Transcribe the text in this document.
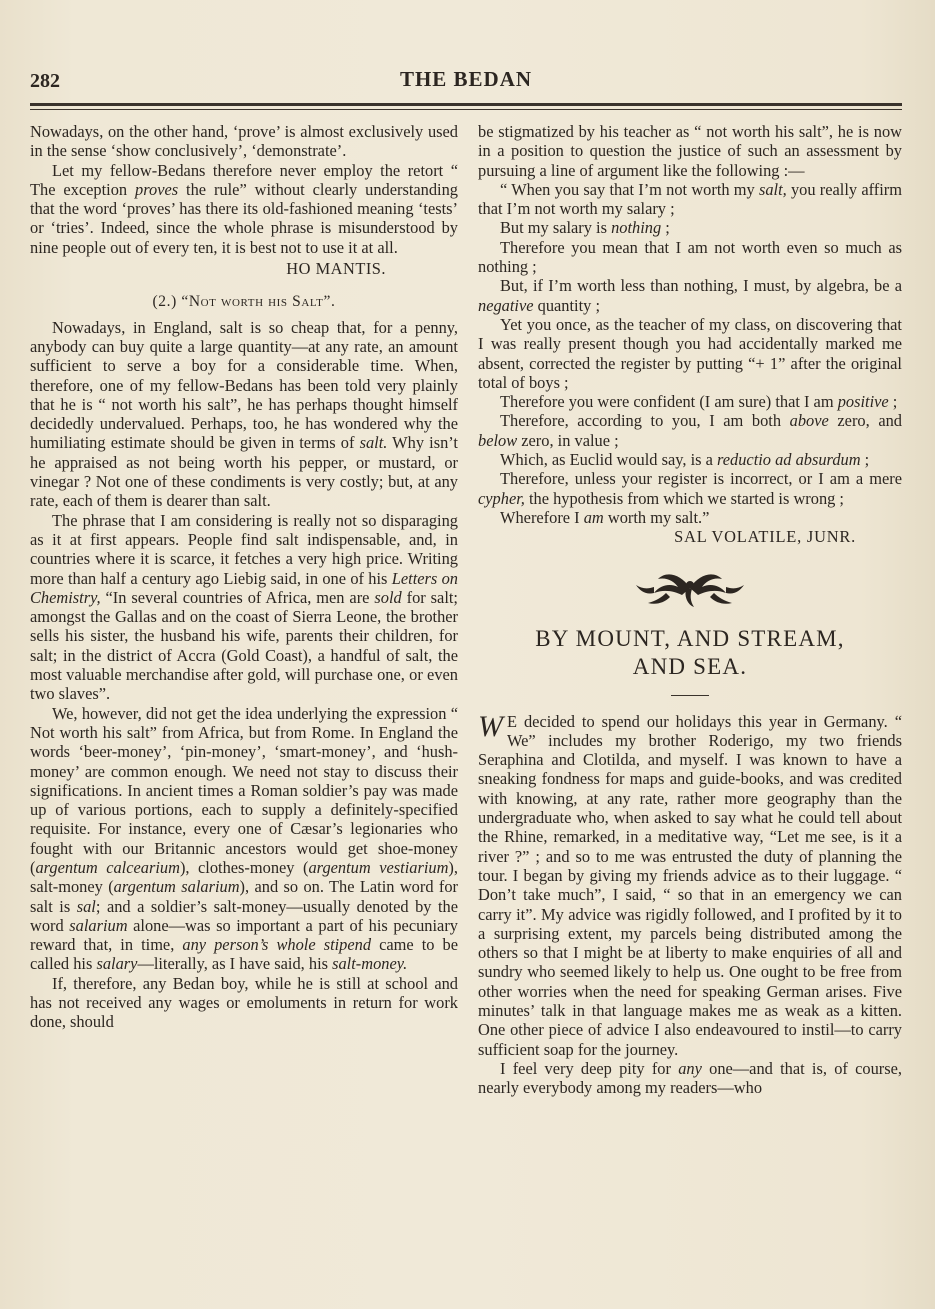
282	THE BEDAN

Nowadays, on the other hand, ‘prove’ is almost exclusively used in the sense ‘show conclusively’, ‘demonstrate’.

Let my fellow-Bedans therefore never employ the retort “ The exception proves the rule” without clearly understanding that the word ‘proves’ has there its old-fashioned meaning ‘tests’ or ‘tries’. Indeed, since the whole phrase is misunderstood by nine people out of every ten, it is best not to use it at all.

HO MANTIS.

(2.) “Not worth his Salt”.

Nowadays, in England, salt is so cheap that, for a penny, anybody can buy quite a large quantity—at any rate, an amount sufficient to serve a boy for a considerable time. When, therefore, one of my fellow-Bedans has been told very plainly that he is “ not worth his salt”, he has perhaps thought himself decidedly undervalued. Perhaps, too, he has wondered why the humiliating estimate should be given in terms of salt. Why isn’t he appraised as not being worth his pepper, or mustard, or vinegar ? Not one of these condiments is very costly; but, at any rate, each of them is dearer than salt.

The phrase that I am considering is really not so disparaging as it at first appears. People find salt indispensable, and, in countries where it is scarce, it fetches a very high price. Writing more than half a century ago Liebig said, in one of his Letters on Chemistry, “In several countries of Africa, men are sold for salt; amongst the Gallas and on the coast of Sierra Leone, the brother sells his sister, the husband his wife, parents their children, for salt; in the district of Accra (Gold Coast), a handful of salt, the most valuable merchandise after gold, will purchase one, or even two slaves”.

We, however, did not get the idea underlying the expression “ Not worth his salt” from Africa, but from Rome. In England the words ‘beer-money’, ‘pin-money’, ‘smart-money’, and ‘hush-money’ are common enough. We need not stay to discuss their significations. In ancient times a Roman soldier’s pay was made up of various portions, each to supply a definitely-specified requisite. For instance, every one of Cæsar’s legionaries who fought with our Britannic ancestors would get shoe-money (argentum calcearium), clothes-money (argentum vestiarium), salt-money (argentum salarium), and so on. The Latin word for salt is sal; and a soldier’s salt-money—usually denoted by the word salarium alone—was so important a part of his pecuniary reward that, in time, any person’s whole stipend came to be called his salary—literally, as I have said, his salt-money.

If, therefore, any Bedan boy, while he is still at school and has not received any wages or emoluments in return for work done, should

be stigmatized by his teacher as “ not worth his salt”, he is now in a position to question the justice of such an assessment by pursuing a line of argument like the following :—

“ When you say that I’m not worth my salt, you really affirm that I’m not worth my salary ;

But my salary is nothing ;

Therefore you mean that I am not worth even so much as nothing ;

But, if I’m worth less than nothing, I must, by algebra, be a negative quantity ;

Yet you once, as the teacher of my class, on discovering that I was really present though you had accidentally marked me absent, corrected the register by putting “+ 1” after the original total of boys ;

Therefore you were confident (I am sure) that I am positive ;

Therefore, according to you, I am both above zero, and below zero, in value ;

Which, as Euclid would say, is a reductio ad absurdum ;

Therefore, unless your register is incorrect, or I am a mere cypher, the hypothesis from which we started is wrong ;

Wherefore I am worth my salt.”

SAL VOLATILE, JUNR.

BY MOUNT, AND STREAM,
AND SEA.

W E decided to spend our holidays this year in Germany. “ We” includes my brother Roderigo, my two friends Seraphina and Clotilda, and myself. I was known to have a sneaking fondness for maps and guide-books, and was credited with knowing, at any rate, rather more geography than the undergraduate who, when asked to say what he could tell about the Rhine, remarked, in a meditative way, “Let me see, is it a river ?” ; and so to me was entrusted the duty of planning the tour. I began by giving my friends advice as to their luggage. “ Don’t take much”, I said, “ so that in an emergency we can carry it”. My advice was rigidly followed, and I profited by it to a surprising extent, my parcels being distributed among the others so that I might be at liberty to make enquiries of all and sundry who seemed likely to help us. One ought to be free from other worries when the need for speaking German arises. Five minutes’ talk in that language makes me as weak as a kitten. One other piece of advice I also endeavoured to instil—to carry sufficient soap for the journey.

I feel very deep pity for any one—and that is, of course, nearly everybody among my readers—who
